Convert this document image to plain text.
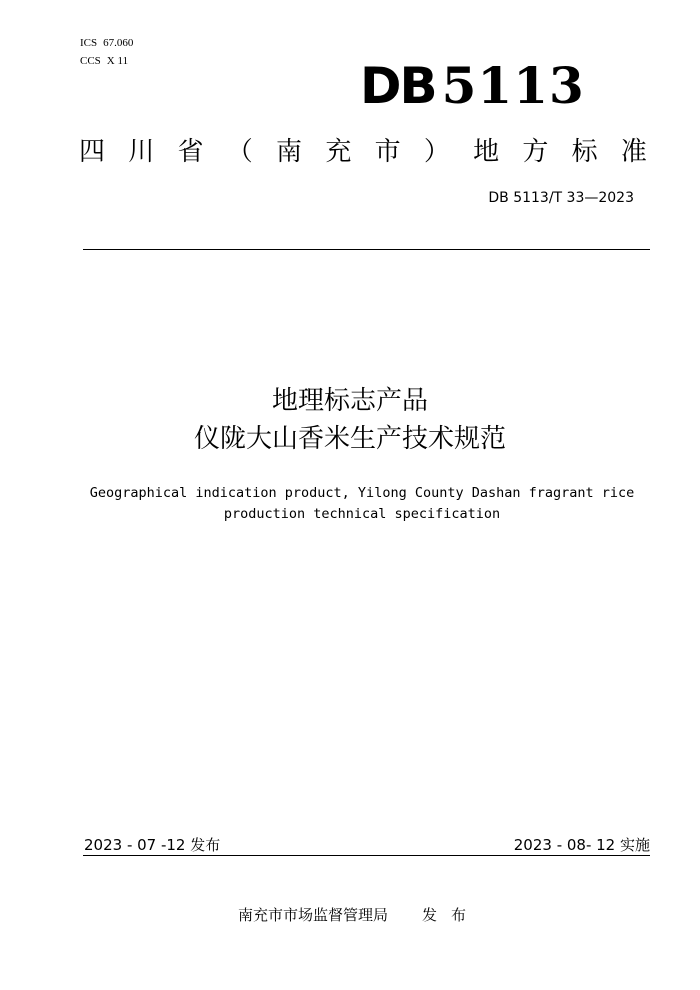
ICS 67.060
CCS X 11	DB 5113
四 川 省 （ 南 充 市 ） 地 方 标 准
DB 5113/T 33—2023
地理标志产品
仪陇大山香米生产技术规范
Geographical indication product, Yilong County Dashan fragrant rice
production technical specification
2023 - 07 -12 发布	2023 - 08- 12 实施
南充市市场监督管理局 发布
